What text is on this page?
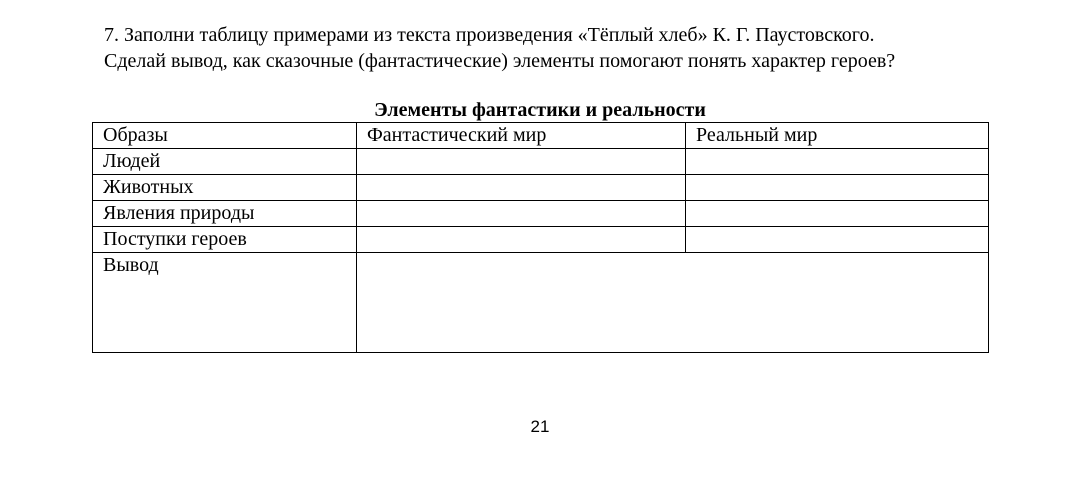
7. Заполни таблицу примерами из текста произведения «Тёплый хлеб» К. Г. Паустовского.

Сделай вывод, как сказочные (фантастические) элементы помогают понять характер героев?

Элементы фантастики и реальности
Образы	Фантастический мир	Реальный мир
Людей		
Животных		
Явления природы		
Поступки героев		
Вывод		
21
